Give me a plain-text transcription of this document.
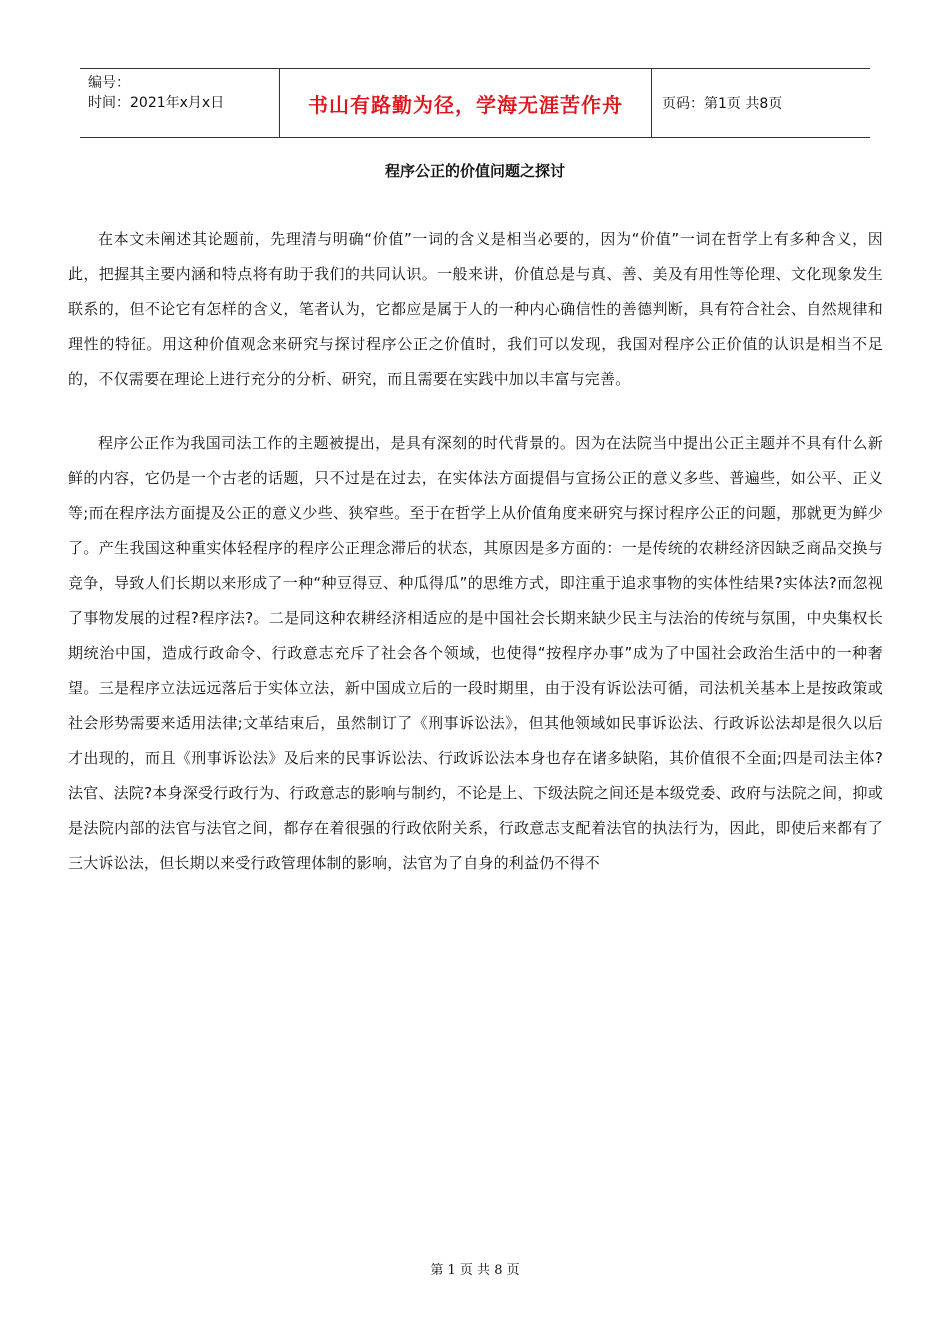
编号：
时间：2021年x月x日	书山有路勤为径，学海无涯苦作舟	页码：第1页 共8页
程序公正的价值问题之探讨

在本文未阐述其论题前，先理清与明确“价值”一词的含义是相当必要的，因为“价值”一词在哲学上有多种含义，因此，把握其主要内涵和特点将有助于我们的共同认识。一般来讲，价值总是与真、善、美及有用性等伦理、文化现象发生联系的，但不论它有怎样的含义，笔者认为，它都应是属于人的一种内心确信性的善德判断，具有符合社会、自然规律和理性的特征。用这种价值观念来研究与探讨程序公正之价值时，我们可以发现，我国对程序公正价值的认识是相当不足的，不仅需要在理论上进行充分的分析、研究，而且需要在实践中加以丰富与完善。

程序公正作为我国司法工作的主题被提出，是具有深刻的时代背景的。因为在法院当中提出公正主题并不具有什么新鲜的内容，它仍是一个古老的话题，只不过是在过去，在实体法方面提倡与宣扬公正的意义多些、普遍些，如公平、正义等;而在程序法方面提及公正的意义少些、狭窄些。至于在哲学上从价值角度来研究与探讨程序公正的问题，那就更为鲜少了。产生我国这种重实体轻程序的程序公正理念滞后的状态，其原因是多方面的：一是传统的农耕经济因缺乏商品交换与竞争，导致人们长期以来形成了一种“种豆得豆、种瓜得瓜”的思维方式，即注重于追求事物的实体性结果?实体法?而忽视了事物发展的过程?程序法?。二是同这种农耕经济相适应的是中国社会长期来缺少民主与法治的传统与氛围，中央集权长期统治中国，造成行政命令、行政意志充斥了社会各个领域，也使得“按程序办事”成为了中国社会政治生活中的一种奢望。三是程序立法远远落后于实体立法，新中国成立后的一段时期里，由于没有诉讼法可循，司法机关基本上是按政策或社会形势需要来适用法律;文革结束后，虽然制订了《刑事诉讼法》，但其他领域如民事诉讼法、行政诉讼法却是很久以后才出现的，而且《刑事诉讼法》及后来的民事诉讼法、行政诉讼法本身也存在诸多缺陷，其价值很不全面;四是司法主体?法官、法院?本身深受行政行为、行政意志的影响与制约，不论是上、下级法院之间还是本级党委、政府与法院之间，抑或是法院内部的法官与法官之间，都存在着很强的行政依附关系，行政意志支配着法官的执法行为，因此，即使后来都有了三大诉讼法，但长期以来受行政管理体制的影响，法官为了自身的利益仍不得不

第 1 页 共 8 页
